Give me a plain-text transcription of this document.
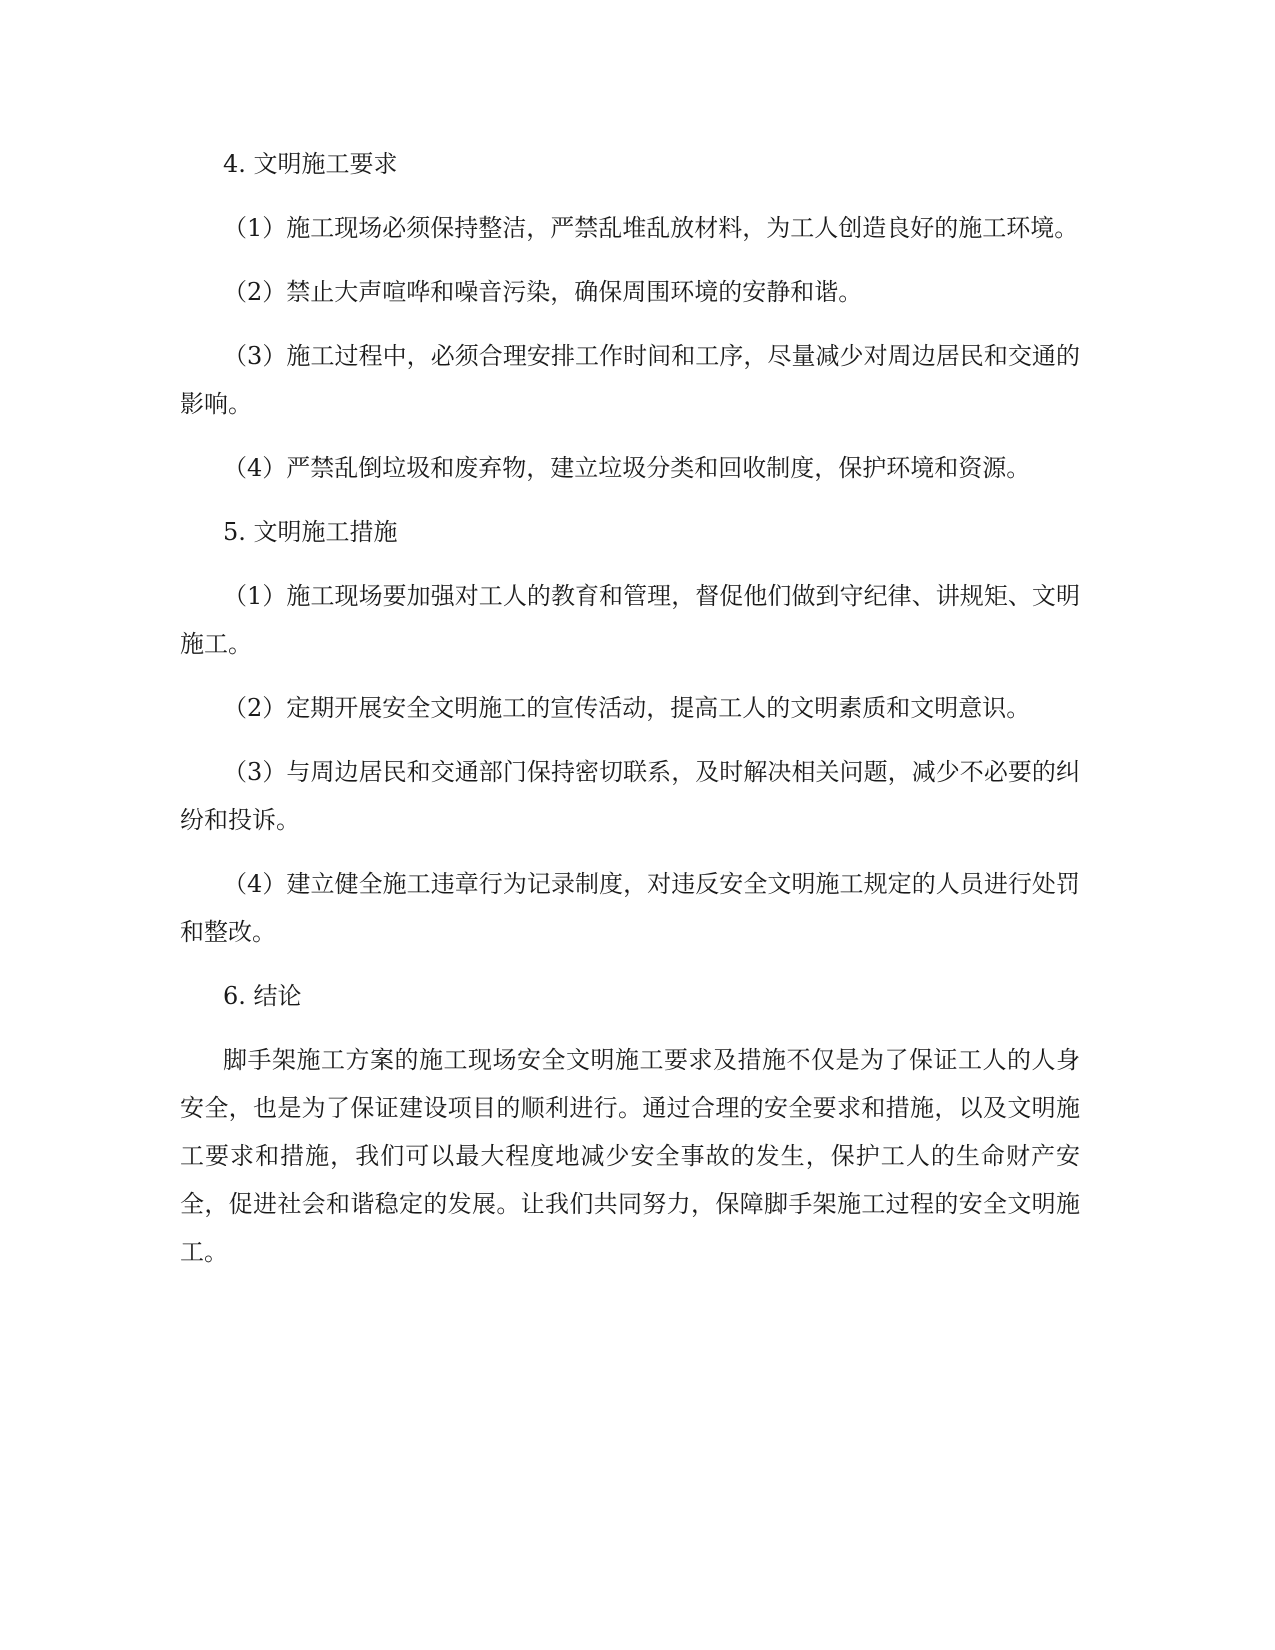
4. 文明施工要求

（1）施工现场必须保持整洁，严禁乱堆乱放材料，为工人创造良好的施工环境。

（2）禁止大声喧哗和噪音污染，确保周围环境的安静和谐。

（3）施工过程中，必须合理安排工作时间和工序，尽量减少对周边居民和交通的影响。

（4）严禁乱倒垃圾和废弃物，建立垃圾分类和回收制度，保护环境和资源。

5. 文明施工措施

（1）施工现场要加强对工人的教育和管理，督促他们做到守纪律、讲规矩、文明施工。

（2）定期开展安全文明施工的宣传活动，提高工人的文明素质和文明意识。

（3）与周边居民和交通部门保持密切联系，及时解决相关问题，减少不必要的纠纷和投诉。

（4）建立健全施工违章行为记录制度，对违反安全文明施工规定的人员进行处罚和整改。

6. 结论

脚手架施工方案的施工现场安全文明施工要求及措施不仅是为了保证工人的人身安全，也是为了保证建设项目的顺利进行。通过合理的安全要求和措施，以及文明施工要求和措施，我们可以最大程度地减少安全事故的发生，保护工人的生命财产安全，促进社会和谐稳定的发展。让我们共同努力，保障脚手架施工过程的安全文明施工。
